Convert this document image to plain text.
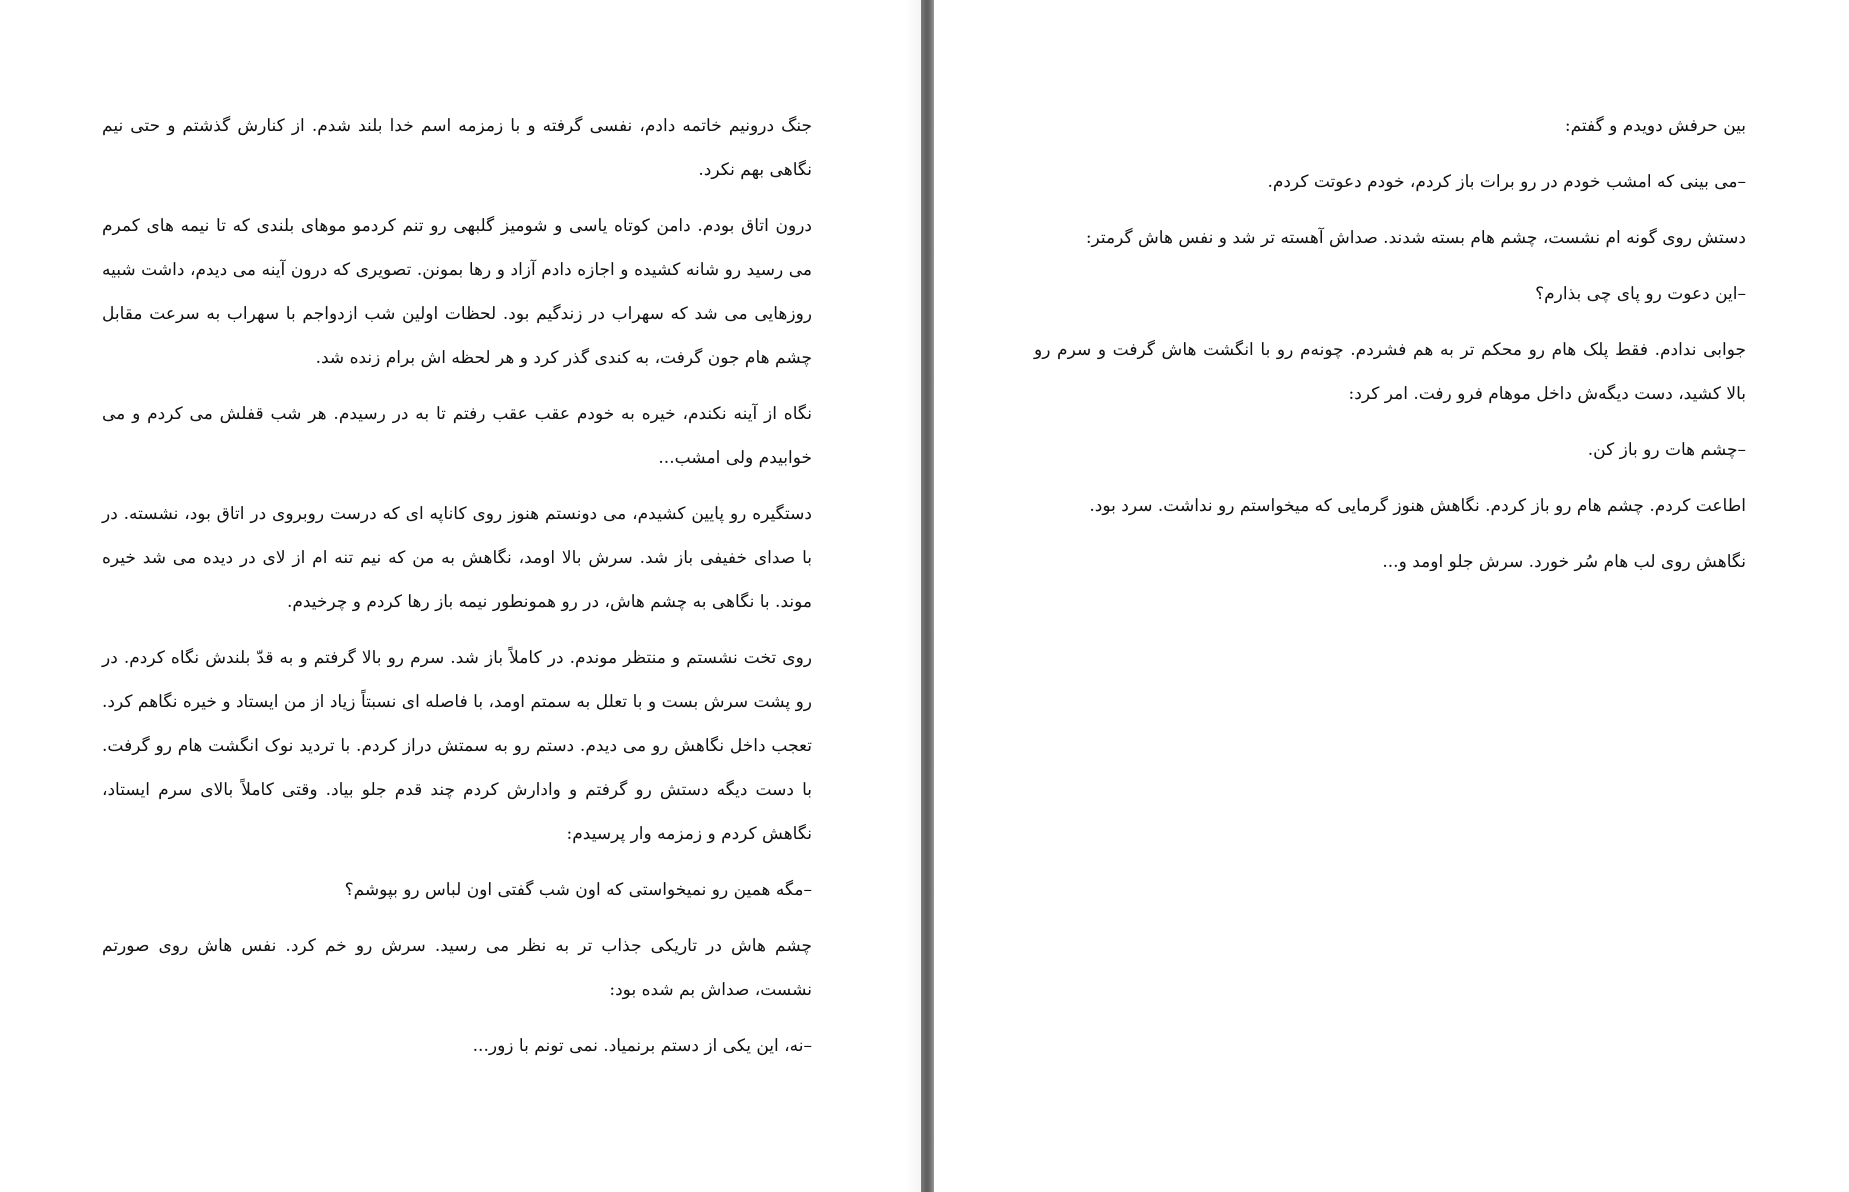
جنگ درونیم خاتمه دادم، نفسی گرفته و با زمزمه اسم خدا بلند شدم. از کنارش گذشتم و حتی نیم نگاهی بهم نکرد.

درون اتاق بودم. دامن کوتاه یاسی و شومیز گلبهی رو تنم کردمو موهای بلندی که تا نیمه های کمرم می رسید رو شانه کشیده و اجازه دادم آزاد و رها بمونن. تصویری که درون آینه می دیدم، داشت شبیه روزهایی می شد که سهراب در زندگیم بود. لحظات اولین شب ازدواجم با سهراب به سرعت مقابل چشم هام جون گرفت، به کندی گذر کرد و هر لحظه اش برام زنده شد.

نگاه از آینه نکندم، خیره به خودم عقب عقب رفتم تا به در رسیدم. هر شب قفلش می کردم و می خوابیدم ولی امشب...

دستگیره رو پایین کشیدم، می دونستم هنوز روی کاناپه ای که درست روبروی در اتاق بود، نشسته. در با صدای خفیفی باز شد. سرش بالا اومد، نگاهش به من که نیم تنه ام از لای در دیده می شد خیره موند. با نگاهی به چشم هاش، در رو همونطور نیمه باز رها کردم و چرخیدم.

روی تخت نشستم و منتظر موندم. در کاملاً باز شد. سرم رو بالا گرفتم و به قدّ بلندش نگاه کردم. در رو پشت سرش بست و با تعلل به سمتم اومد، با فاصله ای نسبتاً زیاد از من ایستاد و خیره نگاهم کرد. تعجب داخل نگاهش رو می دیدم. دستم رو به سمتش دراز کردم. با تردید نوک انگشت هام رو گرفت. با دست دیگه دستش رو گرفتم و وادارش کردم چند قدم جلو بیاد. وقتی کاملاً بالای سرم ایستاد، نگاهش کردم و زمزمه وار پرسیدم:

–مگه همین رو نمیخواستی که اون شب گفتی اون لباس رو بپوشم؟

چشم هاش در تاریکی جذاب تر به نظر می رسید. سرش رو خم کرد. نفس هاش روی صورتم نشست، صداش بم شده بود:

–نه، این یکی از دستم برنمیاد. نمی تونم با زور...

بین حرفش دویدم و گفتم:

–می بینی که امشب خودم در رو برات باز کردم، خودم دعوتت کردم.

دستش روی گونه ام نشست، چشم هام بسته شدند. صداش آهسته تر شد و نفس هاش گرمتر:

–این دعوت رو پای چی بذارم؟

جوابی ندادم. فقط پلک هام رو محکم تر به هم فشردم. چونه‌م رو با انگشت هاش گرفت و سرم رو بالا کشید، دست دیگه‌ش داخل موهام فرو رفت. امر کرد:

–چشم هات رو باز کن.

اطاعت کردم. چشم هام رو باز کردم. نگاهش هنوز گرمایی که میخواستم رو نداشت. سرد بود.

نگاهش روی لب هام سُر خورد. سرش جلو اومد و...
